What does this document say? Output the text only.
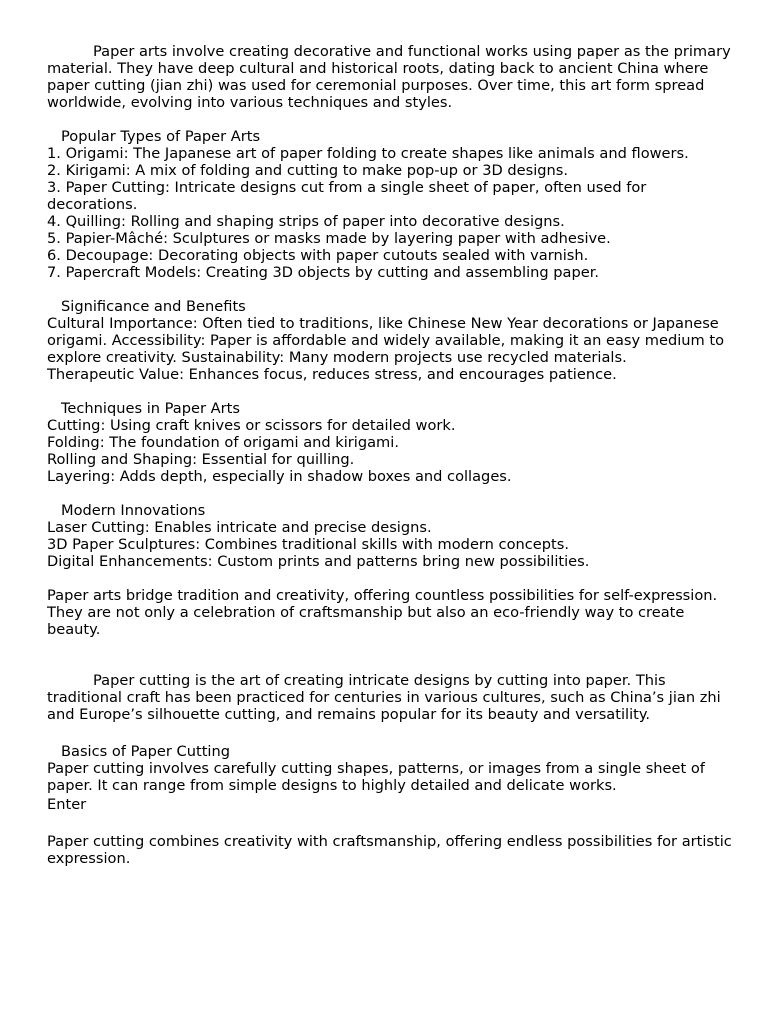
Paper arts involve creating decorative and functional works using paper as the primary material. They have deep cultural and historical roots, dating back to ancient China where paper cutting (jian zhi) was used for ceremonial purposes. Over time, this art form spread worldwide, evolving into various techniques and styles.

Popular Types of Paper Arts

1. Origami: The Japanese art of paper folding to create shapes like animals and flowers.

2. Kirigami: A mix of folding and cutting to make pop-up or 3D designs.

3. Paper Cutting: Intricate designs cut from a single sheet of paper, often used for decorations.

4. Quilling: Rolling and shaping strips of paper into decorative designs.

5. Papier-Mâché: Sculptures or masks made by layering paper with adhesive.

6. Decoupage: Decorating objects with paper cutouts sealed with varnish.

7. Papercraft Models: Creating 3D objects by cutting and assembling paper.

Significance and Benefits

Cultural Importance: Often tied to traditions, like Chinese New Year decorations or Japanese origami. Accessibility: Paper is affordable and widely available, making it an easy medium to explore creativity. Sustainability: Many modern projects use recycled materials.

Therapeutic Value: Enhances focus, reduces stress, and encourages patience.

Techniques in Paper Arts

Cutting: Using craft knives or scissors for detailed work.

Folding: The foundation of origami and kirigami.

Rolling and Shaping: Essential for quilling.

Layering: Adds depth, especially in shadow boxes and collages.

Modern Innovations

Laser Cutting: Enables intricate and precise designs.

3D Paper Sculptures: Combines traditional skills with modern concepts.

Digital Enhancements: Custom prints and patterns bring new possibilities.

Paper arts bridge tradition and creativity, offering countless possibilities for self-expression. They are not only a celebration of craftsmanship but also an eco-friendly way to create beauty.

Paper cutting is the art of creating intricate designs by cutting into paper. This traditional craft has been practiced for centuries in various cultures, such as China’s jian zhi and Europe’s silhouette cutting, and remains popular for its beauty and versatility.

Basics of Paper Cutting

Paper cutting involves carefully cutting shapes, patterns, or images from a single sheet of paper. It can range from simple designs to highly detailed and delicate works.

Enter

Paper cutting combines creativity with craftsmanship, offering endless possibilities for artistic expression.
